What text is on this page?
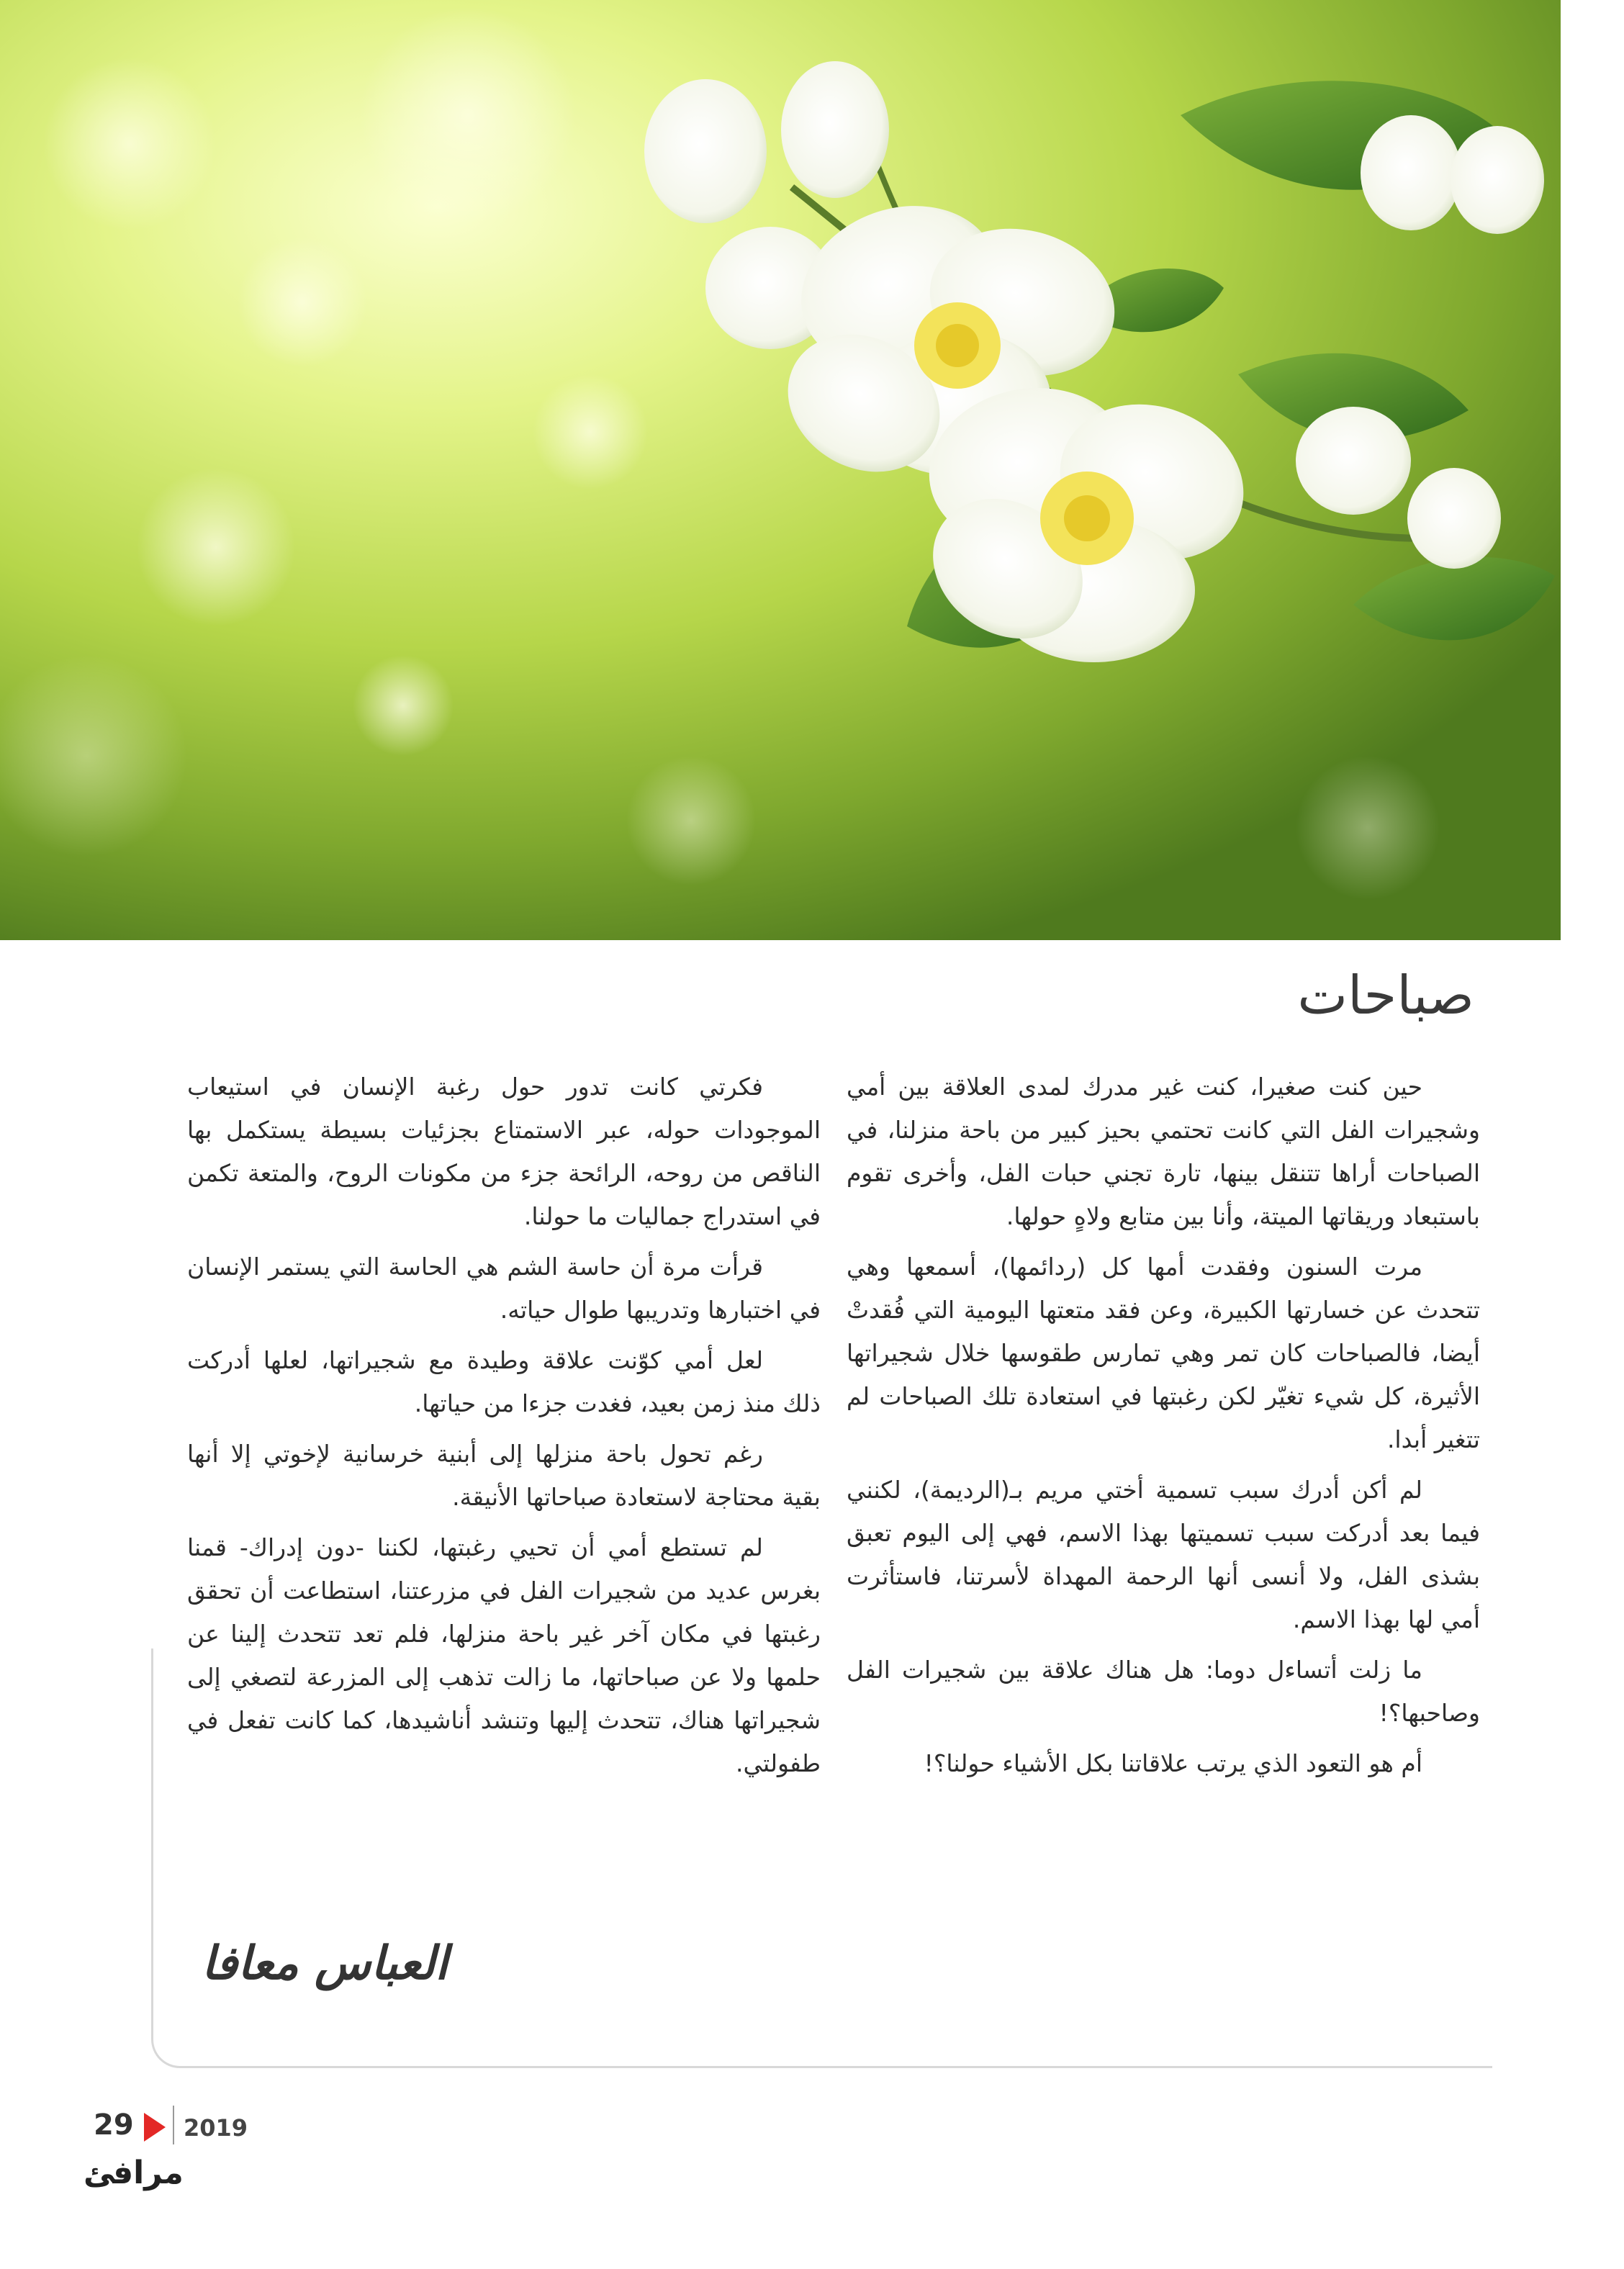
صباحات

حين كنت صغيرا، كنت غير مدرك لمدى العلاقة بين أمي وشجيرات الفل التي كانت تحتمي بحيز كبير من باحة منزلنا، في الصباحات أراها تتنقل بينها، تارة تجني حبات الفل، وأخرى تقوم باستبعاد وريقاتها الميتة، وأنا بين متابع ولاهٍ حولها.

مرت السنون وفقدت أمها كل (ردائمها)، أسمعها وهي تتحدث عن خسارتها الكبيرة، وعن فقد متعتها اليومية التي فُقدتْ أيضا، فالصباحات كان تمر وهي تمارس طقوسها خلال شجيراتها الأثيرة، كل شيء تغيّر لكن رغبتها في استعادة تلك الصباحات لم تتغير أبدا.

لم أكن أدرك سبب تسمية أختي مريم بـ(الرديمة)، لكنني فيما بعد أدركت سبب تسميتها بهذا الاسم، فهي إلى اليوم تعبق بشذى الفل، ولا أنسى أنها الرحمة المهداة لأسرتنا، فاستأثرت أمي لها بهذا الاسم.

ما زلت أتساءل دوما: هل هناك علاقة بين شجيرات الفل وصاحبها؟!

أم هو التعود الذي يرتب علاقاتنا بكل الأشياء حولنا؟!

فكرتي كانت تدور حول رغبة الإنسان في استيعاب الموجودات حوله، عبر الاستمتاع بجزئيات بسيطة يستكمل بها الناقص من روحه، الرائحة جزء من مكونات الروح، والمتعة تكمن في استدراج جماليات ما حولنا.

قرأت مرة أن حاسة الشم هي الحاسة التي يستمر الإنسان في اختبارها وتدريبها طوال حياته.

لعل أمي كوّنت علاقة وطيدة مع شجيراتها، لعلها أدركت ذلك منذ زمن بعيد، فغدت جزءا من حياتها.

رغم تحول باحة منزلها إلى أبنية خرسانية لإخوتي إلا أنها بقية محتاجة لاستعادة صباحاتها الأنيقة.

لم تستطع أمي أن تحيي رغبتها، لكننا -دون إدراك- قمنا بغرس عديد من شجيرات الفل في مزرعتنا، استطاعت أن تحقق رغبتها في مكان آخر غير باحة منزلها، فلم تعد تتحدث إلينا عن حلمها ولا عن صباحاتها، ما زالت تذهب إلى المزرعة لتصغي إلى شجيراتها هناك، تتحدث إليها وتنشد أناشيدها، كما كانت تفعل في طفولتي.

العباس معافا
29 2019
مرافئ
